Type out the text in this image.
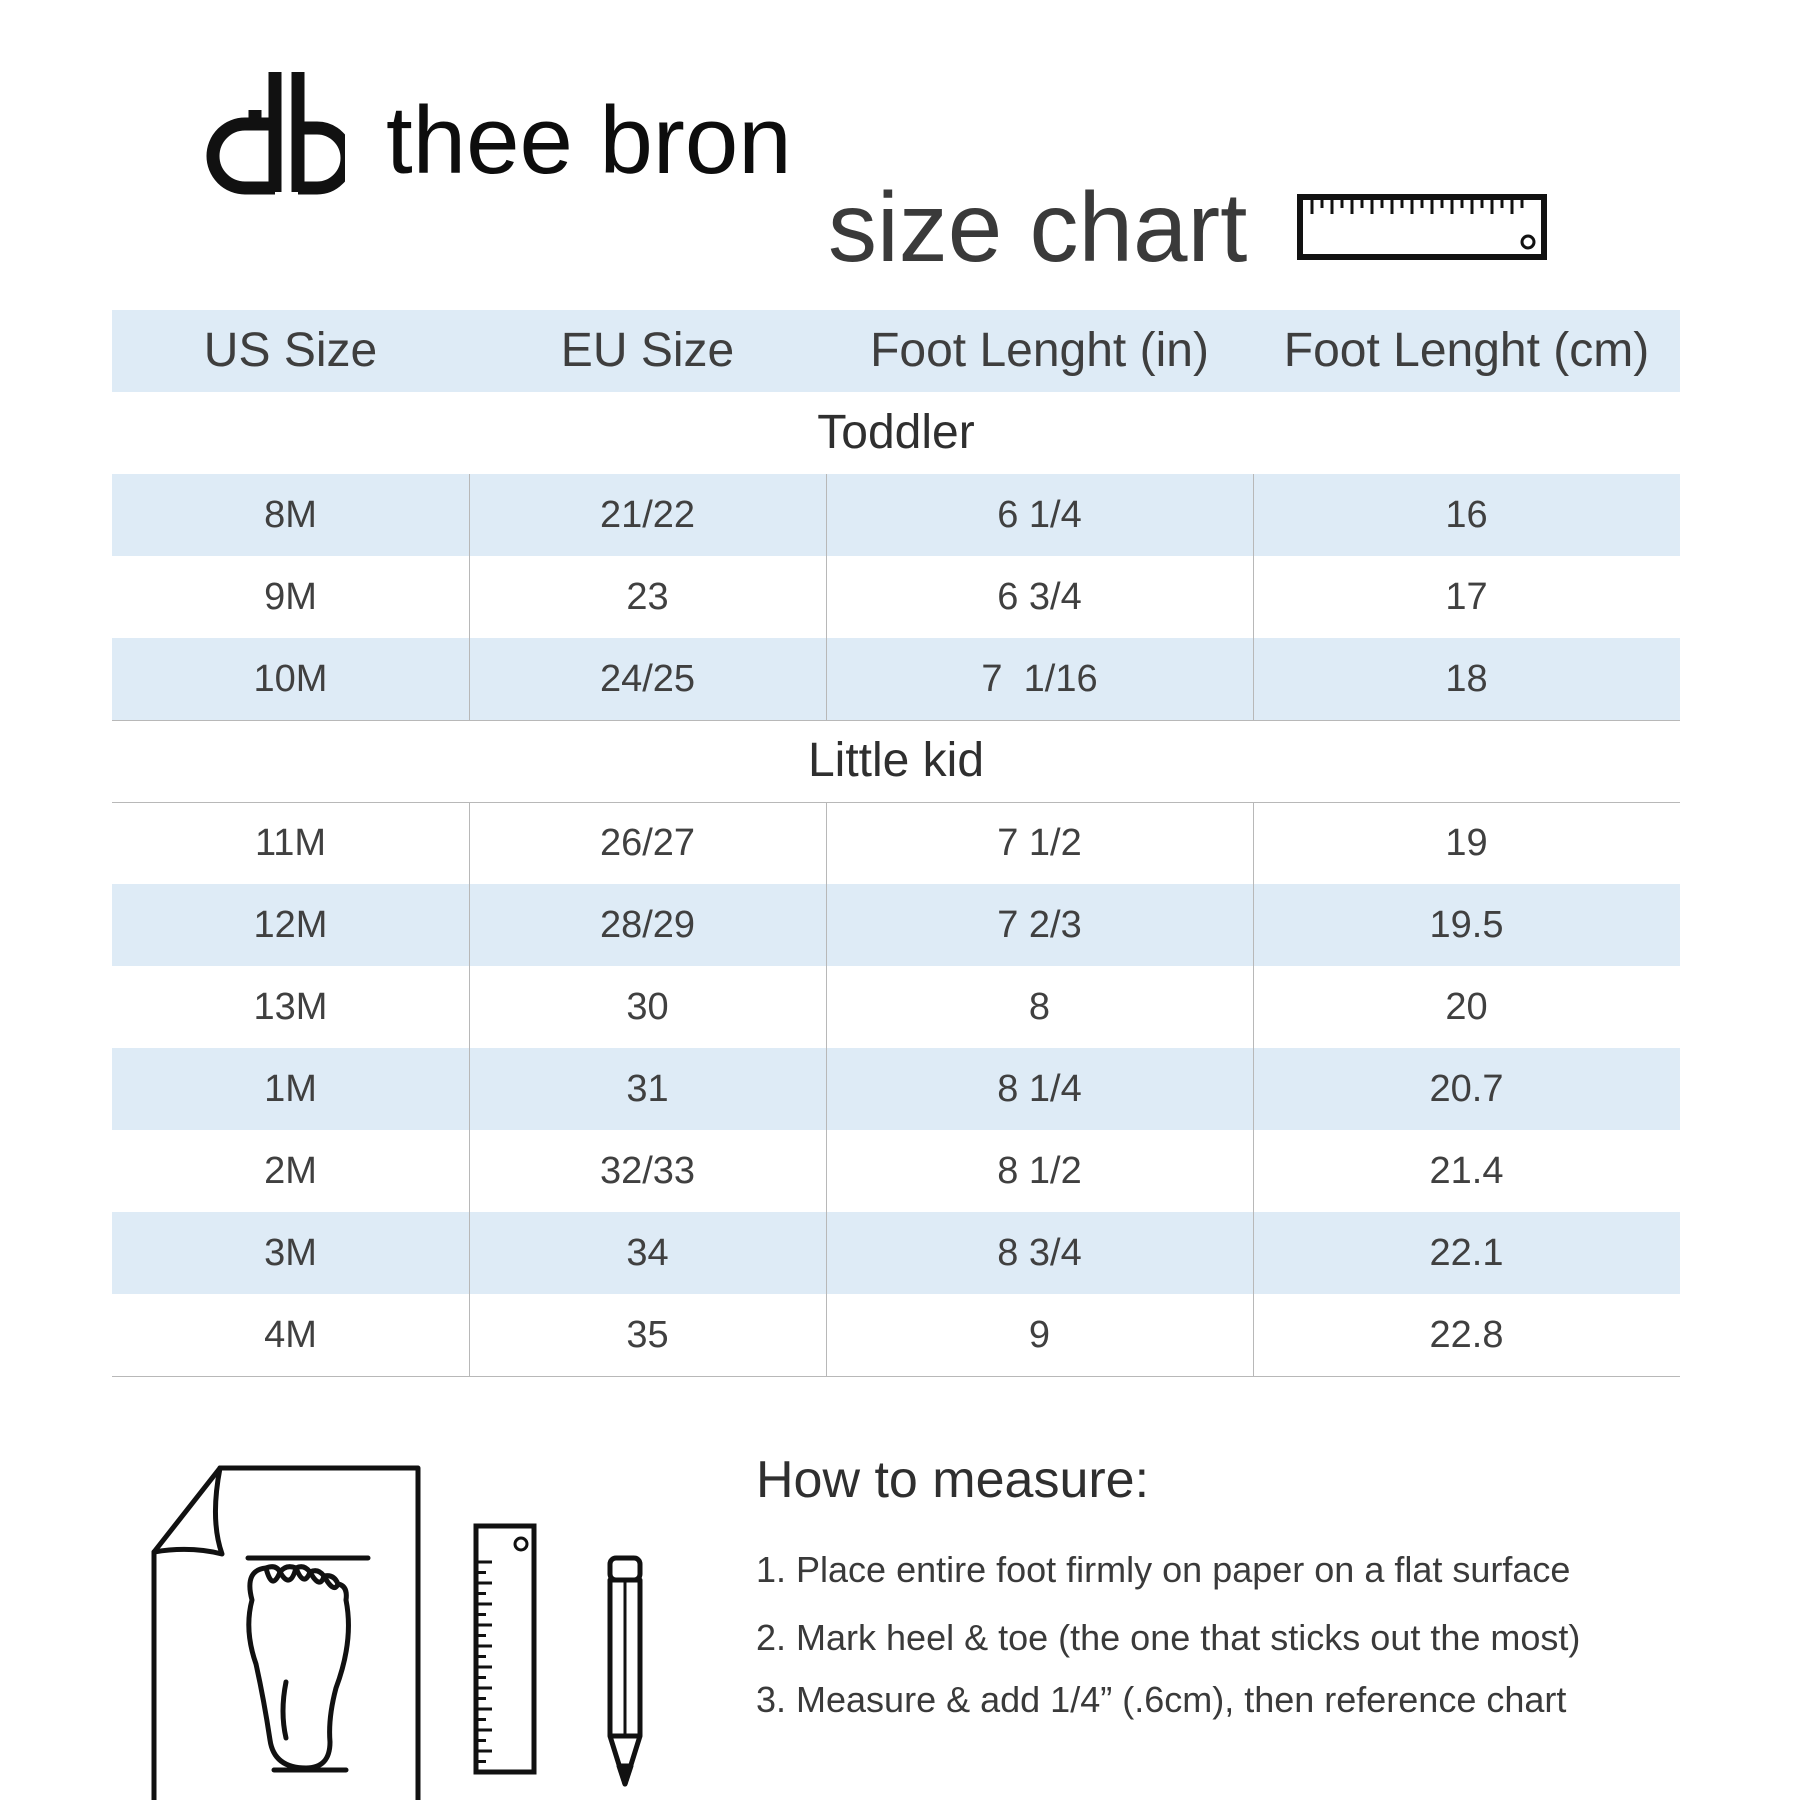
thee bron
size chart
US Size	EU Size	Foot Lenght (in)	Foot Lenght (cm)
Toddler
8M	21/22	6 1/4	16
9M	23	6 3/4	17
10M	24/25	7  1/16	18
Little kid
11M	26/27	7 1/2	19
12M	28/29	7 2/3	19.5
13M	30	8	20
1M	31	8 1/4	20.7
2M	32/33	8 1/2	21.4
3M	34	8 3/4	22.1
4M	35	9	22.8
How to measure:
1. Place entire foot firmly on paper on a flat surface
2. Mark heel & toe (the one that sticks out the most)
3. Measure & add 1/4” (.6cm), then reference chart
